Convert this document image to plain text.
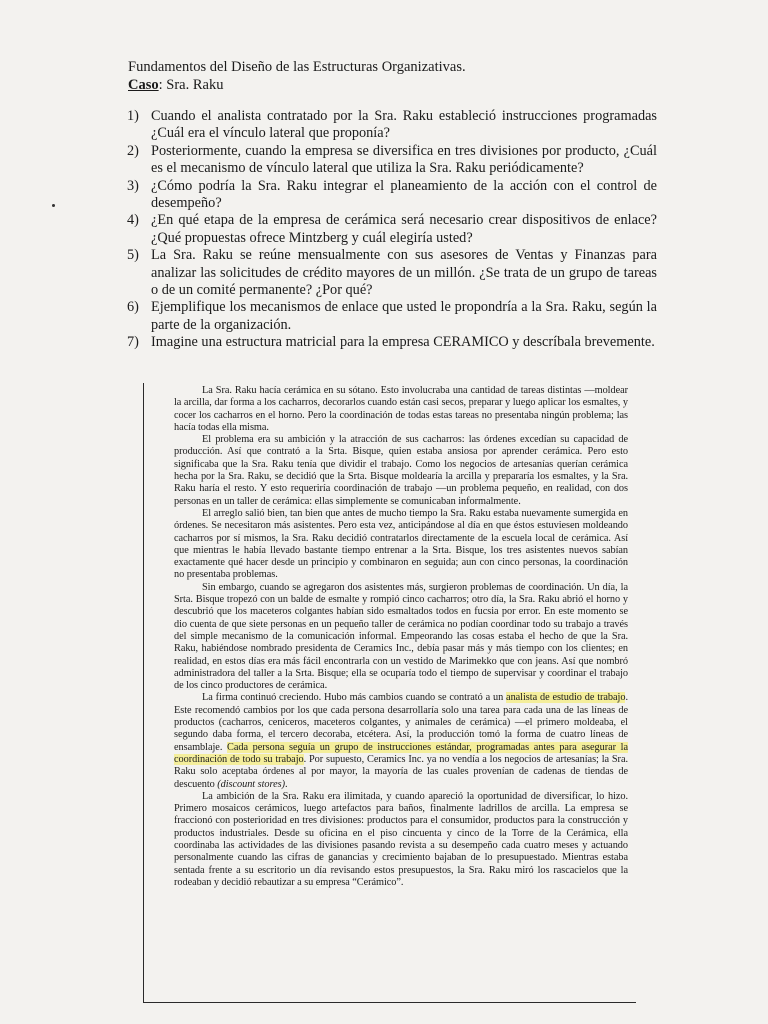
Fundamentos del Diseño de las Estructuras Organizativas.
Caso: Sra. Raku
1) Cuando el analista contratado por la Sra. Raku estableció instrucciones programadas ¿Cuál era el vínculo lateral que proponía?
2) Posteriormente, cuando la empresa se diversifica en tres divisiones por producto, ¿Cuál es el mecanismo de vínculo lateral que utiliza la Sra. Raku periódicamente?
3) ¿Cómo podría la Sra. Raku integrar el planeamiento de la acción con el control de desempeño?
4) ¿En qué etapa de la empresa de cerámica será necesario crear dispositivos de enlace? ¿Qué propuestas ofrece Mintzberg y cuál elegiría usted?
5) La Sra. Raku se reúne mensualmente con sus asesores de Ventas y Finanzas para analizar las solicitudes de crédito mayores de un millón. ¿Se trata de un grupo de tareas o de un comité permanente? ¿Por qué?
6) Ejemplifique los mecanismos de enlace que usted le propondría a la Sra. Raku, según la parte de la organización.
7) Imagine una estructura matricial para la empresa CERAMICO y descríbala brevemente.

La Sra. Raku hacía cerámica en su sótano. Esto involucraba una cantidad de tareas distintas —moldear la arcilla, dar forma a los cacharros, decorarlos cuando están casi secos, preparar y luego aplicar los esmaltes, y cocer los cacharros en el horno. Pero la coordinación de todas estas tareas no presentaba ningún problema; las hacía todas ella misma.

El problema era su ambición y la atracción de sus cacharros: las órdenes excedían su capacidad de producción. Así que contrató a la Srta. Bisque, quien estaba ansiosa por aprender cerámica. Pero esto significaba que la Sra. Raku tenía que dividir el trabajo. Como los negocios de artesanías querían cerámica hecha por la Sra. Raku, se decidió que la Srta. Bisque moldearía la arcilla y prepararía los esmaltes, y la Sra. Raku haría el resto. Y esto requeriría coordinación de trabajo —un problema pequeño, en realidad, con dos personas en un taller de cerámica: ellas simplemente se comunicaban informalmente.

El arreglo salió bien, tan bien que antes de mucho tiempo la Sra. Raku estaba nuevamente sumergida en órdenes. Se necesitaron más asistentes. Pero esta vez, anticipándose al día en que éstos estuviesen moldeando cacharros por sí mismos, la Sra. Raku decidió contratarlos directamente de la escuela local de cerámica. Así que mientras le había llevado bastante tiempo entrenar a la Srta. Bisque, los tres asistentes nuevos sabían exactamente qué hacer desde un principio y combinaron en seguida; aun con cinco personas, la coordinación no presentaba problemas.

Sin embargo, cuando se agregaron dos asistentes más, surgieron problemas de coordinación. Un día, la Srta. Bisque tropezó con un balde de esmalte y rompió cinco cacharros; otro día, la Sra. Raku abrió el horno y descubrió que los maceteros colgantes habían sido esmaltados todos en fucsia por error. En este momento se dio cuenta de que siete personas en un pequeño taller de cerámica no podían coordinar todo su trabajo a través del simple mecanismo de la comunicación informal. Empeorando las cosas estaba el hecho de que la Sra. Raku, habiéndose nombrado presidenta de Ceramics Inc., debía pasar más y más tiempo con los clientes; en realidad, en estos días era más fácil encontrarla con un vestido de Marimekko que con jeans. Así que nombró administradora del taller a la Srta. Bisque; ella se ocuparía todo el tiempo de supervisar y coordinar el trabajo de los cinco productores de cerámica.

La firma continuó creciendo. Hubo más cambios cuando se contrató a un analista de estudio de trabajo. Este recomendó cambios por los que cada persona desarrollaría solo una tarea para cada una de las líneas de productos (cacharros, ceniceros, maceteros colgantes, y animales de cerámica) —el primero moldeaba, el segundo daba forma, el tercero decoraba, etcétera. Así, la producción tomó la forma de cuatro líneas de ensamblaje. Cada persona seguía un grupo de instrucciones estándar, programadas antes para asegurar la coordinación de todo su trabajo. Por supuesto, Ceramics Inc. ya no vendía a los negocios de artesanías; la Sra. Raku solo aceptaba órdenes al por mayor, la mayoría de las cuales provenían de cadenas de tiendas de descuento (discount stores).

La ambición de la Sra. Raku era ilimitada, y cuando apareció la oportunidad de diversificar, lo hizo. Primero mosaicos cerámicos, luego artefactos para baños, finalmente ladrillos de arcilla. La empresa se fraccionó con posterioridad en tres divisiones: productos para el consumidor, productos para la construcción y productos industriales. Desde su oficina en el piso cincuenta y cinco de la Torre de la Cerámica, ella coordinaba las actividades de las divisiones pasando revista a su desempeño cada cuatro meses y actuando personalmente cuando las cifras de ganancias y crecimiento bajaban de lo presupuestado. Mientras estaba sentada frente a su escritorio un día revisando estos presupuestos, la Sra. Raku miró los rascacielos que la rodeaban y decidió rebautizar a su empresa “Cerámico”.
